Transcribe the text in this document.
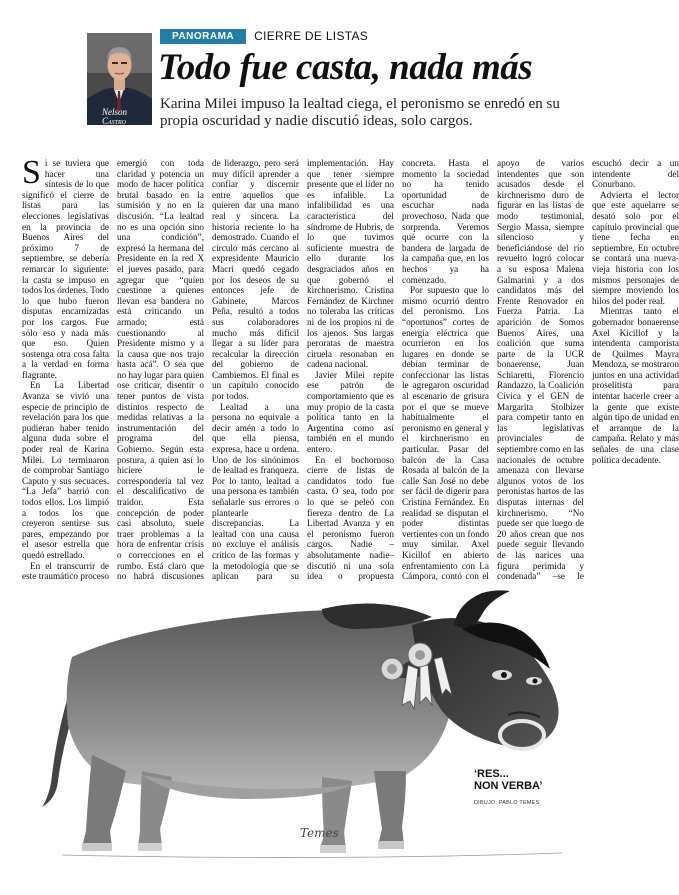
Nelson
Castro
PANORAMA	CIERRE DE LISTAS
Todo fue casta, nada más

Karina Milei impuso la lealtad ciega, el peronismo se enredó en su propia oscuridad y nadie discutió ideas, solo cargos.

Si se tuviera que hacer una síntesis de lo que significó el cierre de listas para las elecciones legislativas en la provincia de Buenos Aires del próximo 7 de septiembre, se debería remarcar lo siguiente: la casta se impuso en todos los órdenes. Todo lo que hubo fueron disputas encarnizadas por los cargos. Fue sólo eso y nada más que eso. Quien sostenga otra cosa falta a la verdad en forma flagrante.

En La Libertad Avanza se vivió una especie de principio de revelación para los que pudieran haber tenido alguna duda sobre el poder real de Karina Milei. Lo terminaron de comprobar Santiago Caputo y sus secuaces. “La Jefa” barrió con todos ellos. Los limpió a todos los que creyeron sentirse sus pares, empezando por el asesor estrella que quedó estrellado.

En el transcurrir de este traumático proceso emergió con toda claridad y potencia un modo de hacer política brutal basado en la sumisión y no en la discusión. “La lealtad no es una opción sino una condición”, expresó la hermana del Presidente en la red X el jueves pasado, para agregar que “quien cuestione a quienes llevan esa bandera no está criticando un armado; está cuestionando al Presidente mismo y a la causa que nos trajo hasta acá”. O sea que no hay lugar para quien ose criticar, disentir o tener puntos de vista distintos respecto de medidas relativas a la instrumentación del programa del Gobierno. Según esta postura, a quien así lo hiciere le correspondería tal vez el descalificativo de traidor. Esta concepción de poder casi absoluto, suele traer problemas a la hora de enfrentar crisis o correcciones en el rumbo. Está claro que no habrá discusiones de liderazgo, pero será muy difícil aprender a confiar y discernir entre aquellos que quieren dar una mano real y sincera. La historia reciente lo ha demostrado. Cuando el círculo más cercano al expresidente Mauricio Macri quedó cegado por los deseos de su entonces jefe de Gabinete, Marcos Peña, resultó a todos sus colaboradores mucho más difícil llegar a su líder para recalcular la dirección del gobierno de Cambiemos. El final es un capítulo conocido por todos.

Lealtad a una persona no equivale a decir amén a todo lo que ella piensa, expresa, hace u ordena. Uno de los sinónimos de lealtad es franqueza. Por lo tanto, lealtad a una persona es también señalarle sus errores o plantearle discrepancias. La lealtad con una causa no excluye el análisis crítico de las formas y la metodología que se aplican para su implementación. Hay que tener siempre presente que el líder no es infalible. La infalibilidad es una característica del síndrome de Hubris, de lo que tuvimos suficiente muestra de ello durante los desgraciados años en que gobernó el kirchnerismo. Cristina Fernández de Kirchner no toleraba las críticas ni de los propios ni de los ajenos. Sus largas peroratas de maestra ciruela resonaban en cadena nacional.

Javier Milei repite ese patrón de comportamiento que es muy propio de la casta política tanto en la Argentina como así también en el mundo entero.

En el bochornoso cierre de listas de candidatos todo fue casta. O sea, todo por lo que se peleó con fiereza dentro de La Libertad Avanza y en el peronismo fueron cargos. Nadie –absolutamente nadie– discutió ni una sola idea o propuesta concreta. Hasta el momento la sociedad no ha tenido oportunidad de escuchar nada provechoso. Nada que sorprenda. Veremos qué ocurre con la bandera de largada de la campaña que, en los hechos ya ha comenzado.

Por supuesto que lo mismo ocurrió dentro del peronismo. Los “oportunos” cortes de energía eléctrica que ocurrieron en los lugares en donde se debían terminar de confeccionar las listas le agregaron oscuridad al escenario de grisura por el que se mueve habitualmente el peronismo en general y el kirchnerismo en particular. Pasar del balcón de la Casa Rosada al balcón de la calle San José no debe ser fácil de digerir para Cristina Fernández. En realidad se disputan el poder distintas vertientes con un fondo muy similar. Axel Kicillof en abierto enfrentamiento con La Cámpora, contó con el apoyo de varios intendentes que son acusados desde el kirchnerismo duro de figurar en las listas de modo testimonial, Sergio Massa, siempre silencioso y beneficiándose del río revuelto logró colocar a su esposa Malena Galmarini y a dos candidatos más del Frente Renovador en Fuerza Patria. La aparición de Somos Buenos Aires, una coalición que suma parte de la UCR bonaerense, Juan Schiaretti, Florencio Randazzo, la Coalición Cívica y el GEN de Margarita Stolbizer para competir tanto en las legislativas provinciales de septiembre como en las nacionales de octubre amenaza con llevarse algunos votos de los peronistas hartos de las disputas internas del kirchnerismo. “No puede ser que luego de 20 años crean que nos puede seguir llevando de las narices una figura perimida y condenada” –se le escuchó decir a un intendente del Conurbano.

Advierta el lector que este aquelarre se desató solo por el capítulo provincial que tiene fecha en septiembre. En octubre se contará una nueva-vieja historia con los mismos personajes de siempre moviendo los hilos del poder real.

Mientras tanto el gobernador bonaerense Axel Kicillof y la intendenta camporista de Quilmes Mayra Mendoza, se mostraron juntos en una actividad proselitista para intentar hacerle creer a la gente que existe algún tipo de unidad en el arranque de la campaña. Relato y más señales de una clase política decadente.

Temes
‘RES...
NON VERBA’
DIBUJO: PABLO TEMES
